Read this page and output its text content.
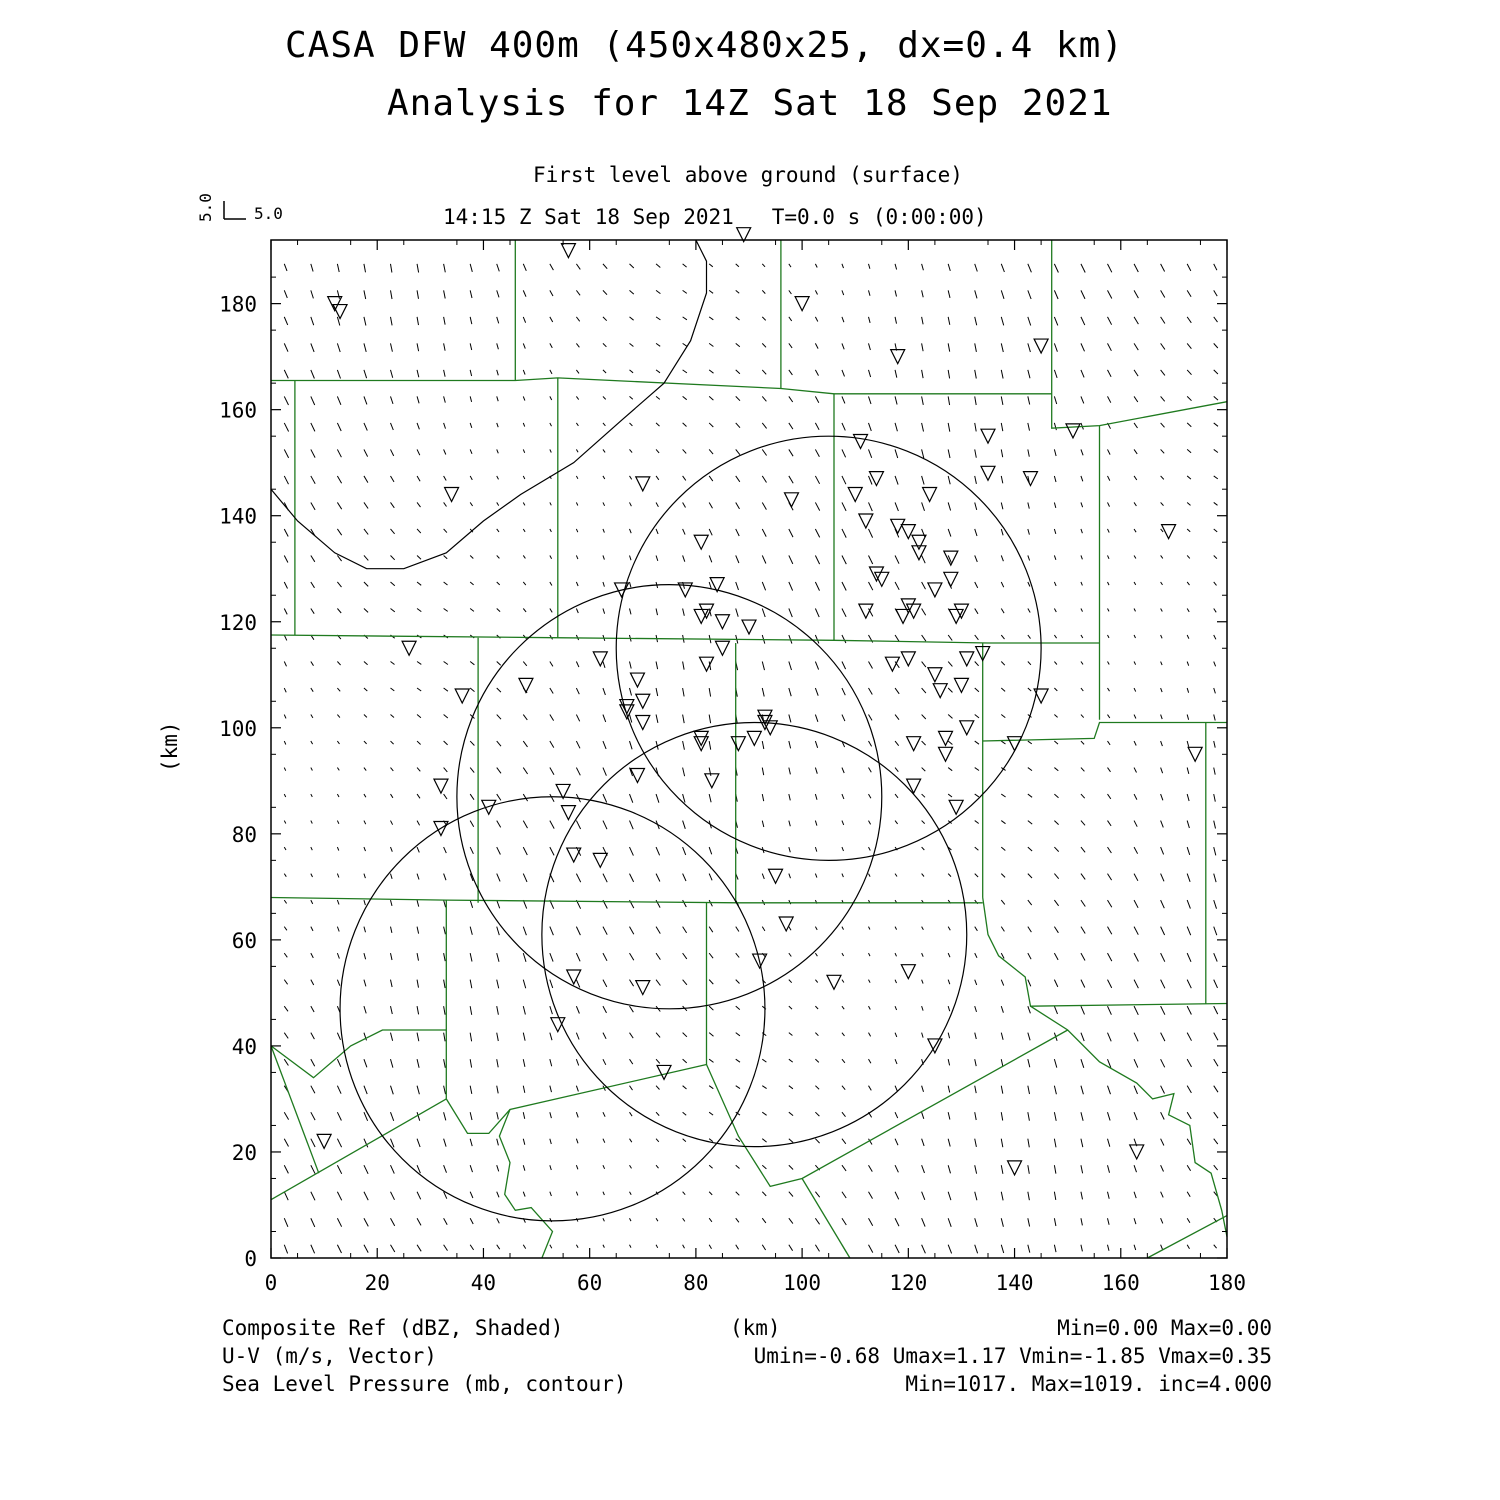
CASA DFW 400m (450x480x25, dx=0.4 km)
Analysis for 14Z Sat 18 Sep 2021
First level above ground (surface)
14:15 Z Sat 18 Sep 2021   T=0.0 s (0:00:00)
5.0
5.0
(km)
(km)
Composite Ref (dBZ, Shaded)	Min=0.00 Max=0.00
U-V (m/s, Vector)	Umin=-0.68 Umax=1.17 Vmin=-1.85 Vmax=0.35
Sea Level Pressure (mb, contour)	Min=1017. Max=1019. inc=4.000
0	20	40	60	80	100	120	140	160	180
0
20
40
60
80
100
120
140
160
180
